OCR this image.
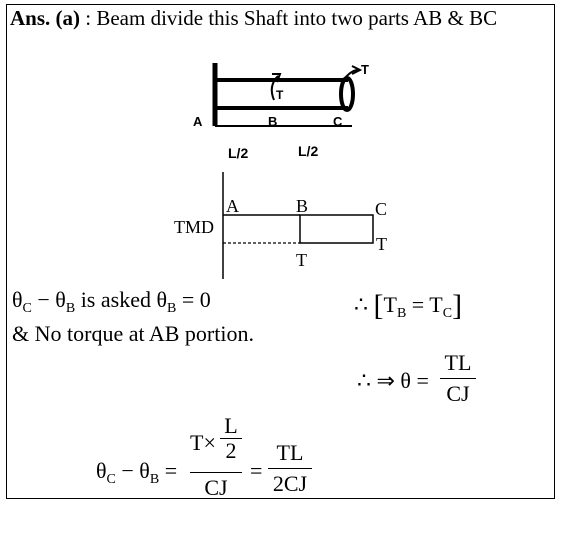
Ans. (a) : Beam divide this Shaft into two parts AB & BC
A	B	C
T
T
L/2	L/2
TMD
A	B	C
T
T
$\theta_C - \theta_B$ is asked $\theta_B = 0$	∴ $[T_B = T_C]$
& No torque at AB portion.
∴ ⇒ θ =
TL
CJ
$\theta_C - \theta_B$ =
T×
L
2
CJ
=
TL
2CJ
